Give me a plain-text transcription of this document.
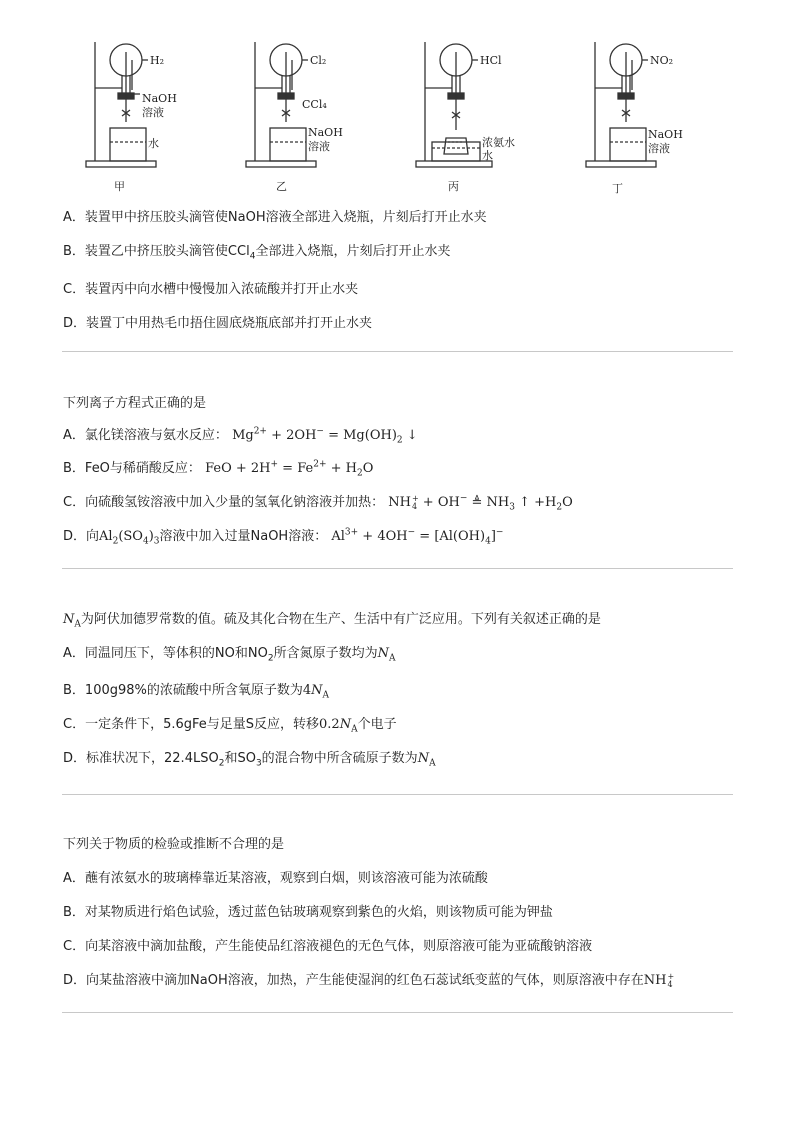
H₂
NaOH
溶液
水
甲
Cl₂
CCl₄
NaOH
溶液
乙
HCl
浓氨水
水
丙
NO₂
NaOH
溶液
丁
A．装置甲中挤压胶头滴管使NaOH溶液全部进入烧瓶，片刻后打开止水夹
B．装置乙中挤压胶头滴管使CCl$_4$全部进入烧瓶，片刻后打开止水夹
C．装置丙中向水槽中慢慢加入浓硫酸并打开止水夹
D．装置丁中用热毛巾捂住圆底烧瓶底部并打开止水夹
下列离子方程式正确的是
A．氯化镁溶液与氨水反应： $Mg^{2+} + 2OH^- = Mg(OH)_2$ ↓
B．FeO与稀硝酸反应： FeO + $2H^+ = Fe^{2+} + H_2O$
C．向硫酸氢铵溶液中加入少量的氢氧化钠溶液并加热： NH +
4 + OH− ≜ $NH_3$ ↑ $+H_2O$
D．向$Al_2(SO_4)_3$溶液中加入过量NaOH溶液： $Al^{3+} + 4OH^- = [Al(OH)_4]^-$
$N_A$为阿伏加德罗常数的值。硫及其化合物在生产、生活中有广泛应用。下列有关叙述正确的是
A．同温同压下，等体积的NO和$NO_2$所含氮原子数均为$N_A$
B．100g98%的浓硫酸中所含氧原子数为$4N_A$
C．一定条件下，5.6gFe与足量S反应，转移$0.2N_A$个电子
D．标准状况下，$22.4LSO_2$和$SO_3$的混合物中所含硫原子数为$N_A$
下列关于物质的检验或推断不合理的是
A．蘸有浓氨水的玻璃棒靠近某溶液，观察到白烟，则该溶液可能为浓硫酸
B．对某物质进行焰色试验，透过蓝色钴玻璃观察到紫色的火焰，则该物质可能为钾盐
C．向某溶液中滴加盐酸，产生能使品红溶液褪色的无色气体，则原溶液可能为亚硫酸钠溶液
D．向某盐溶液中滴加NaOH溶液，加热，产生能使湿润的红色石蕊试纸变蓝的气体，则原溶液中存在NH +
4
